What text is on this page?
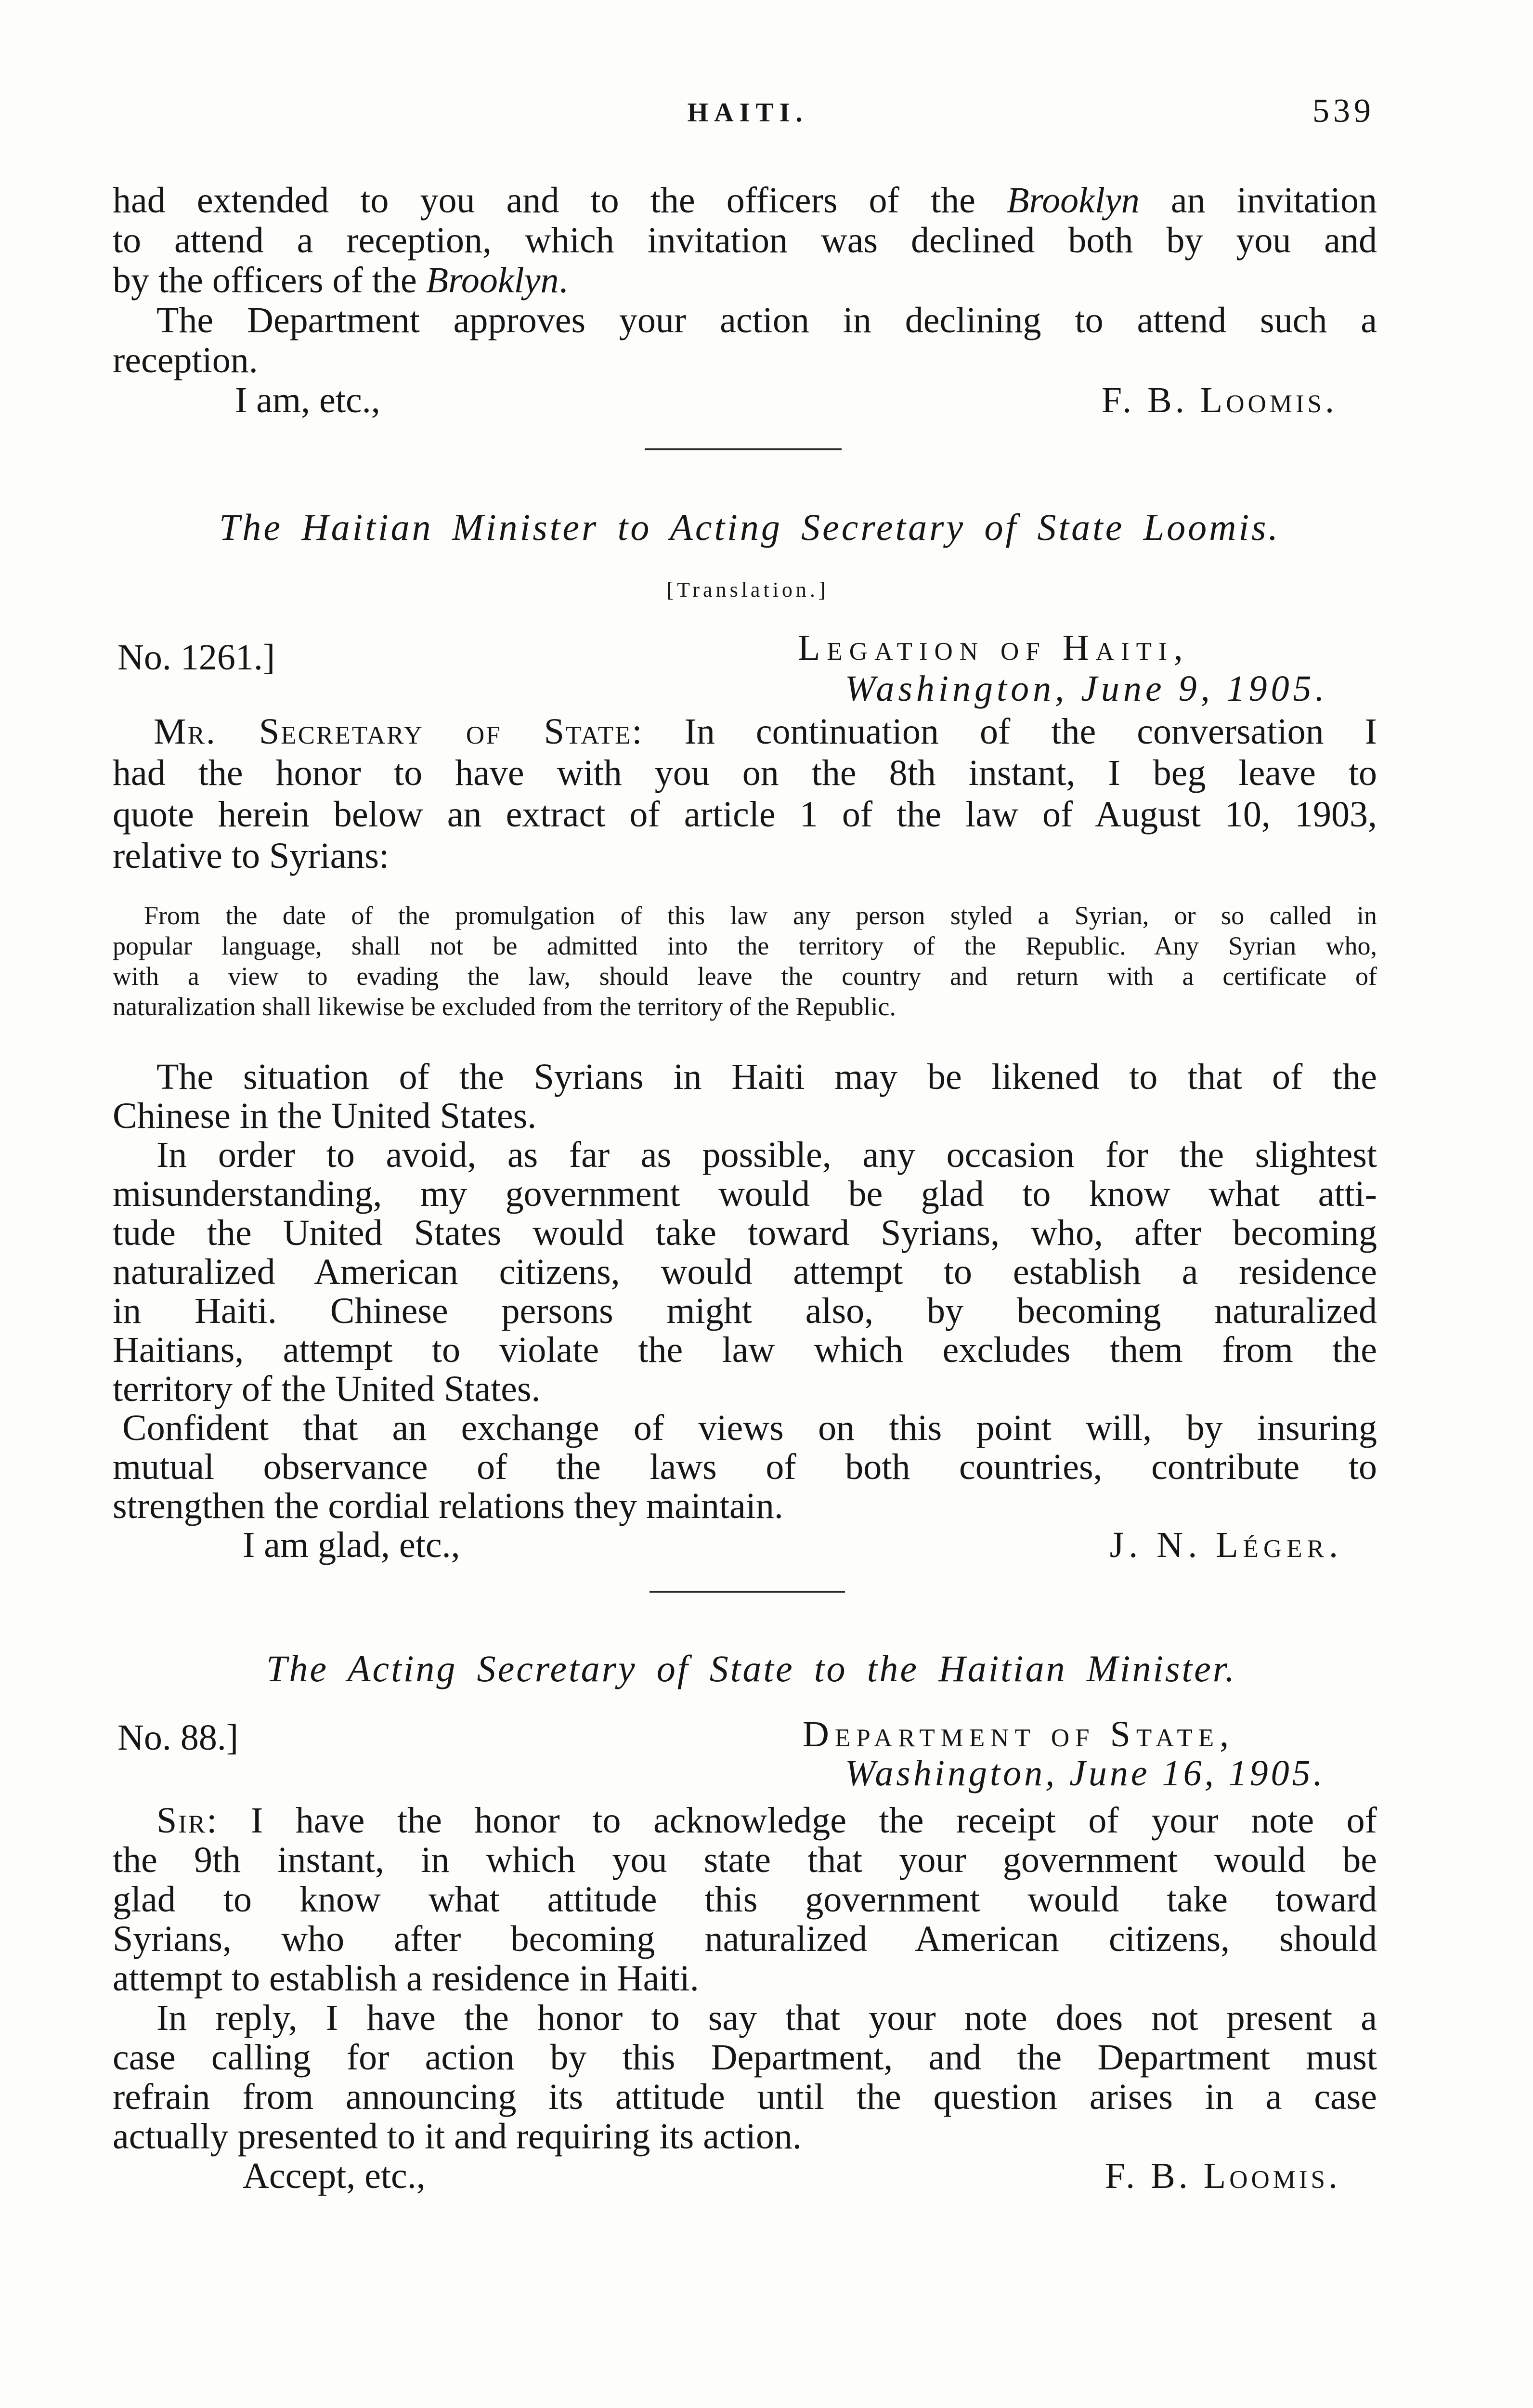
HAITI.	539
had extended to you and to the officers of the Brooklyn an invitation
to attend a reception, which invitation was declined both by you and
by the officers of the Brooklyn.
The Department approves your action in declining to attend such a
reception.
I am, etc.,	F. B. Loomis.
The Haitian Minister to Acting Secretary of State Loomis.
[Translation.]
No. 1261.]	Legation of Haiti,
Washington, June 9, 1905.
Mr. Secretary of State: In continuation of the conversation I
had the honor to have with you on the 8th instant, I beg leave to
quote herein below an extract of article 1 of the law of August 10, 1903,
relative to Syrians:
From the date of the promulgation of this law any person styled a Syrian, or so called in
popular language, shall not be admitted into the territory of the Republic. Any Syrian who,
with a view to evading the law, should leave the country and return with a certificate of
naturalization shall likewise be excluded from the territory of the Republic.
The situation of the Syrians in Haiti may be likened to that of the
Chinese in the United States.
In order to avoid, as far as possible, any occasion for the slightest
misunderstanding, my government would be glad to know what atti-
tude the United States would take toward Syrians, who, after becoming
naturalized American citizens, would attempt to establish a residence
in Haiti. Chinese persons might also, by becoming naturalized
Haitians, attempt to violate the law which excludes them from the
territory of the United States.
Confident that an exchange of views on this point will, by insuring
mutual observance of the laws of both countries, contribute to
strengthen the cordial relations they maintain.
I am glad, etc.,	J. N. Léger.
The Acting Secretary of State to the Haitian Minister.
No. 88.]	Department of State,
Washington, June 16, 1905.
Sir: I have the honor to acknowledge the receipt of your note of
the 9th instant, in which you state that your government would be
glad to know what attitude this government would take toward
Syrians, who after becoming naturalized American citizens, should
attempt to establish a residence in Haiti.
In reply, I have the honor to say that your note does not present a
case calling for action by this Department, and the Department must
refrain from announcing its attitude until the question arises in a case
actually presented to it and requiring its action.
Accept, etc.,	F. B. Loomis.
